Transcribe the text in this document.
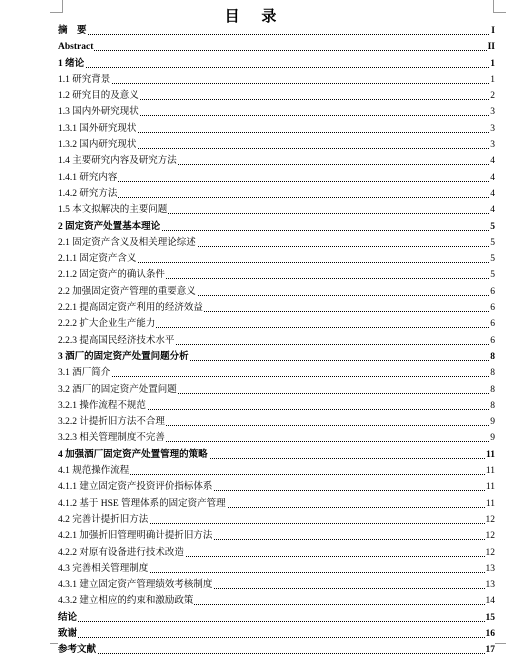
目 录
摘　要	I
Abstract	II
1 绪论	1
1.1 研究背景	1
1.2 研究目的及意义	2
1.3 国内外研究现状	3
1.3.1 国外研究现状	3
1.3.2 国内研究现状	3
1.4 主要研究内容及研究方法	4
1.4.1 研究内容	4
1.4.2 研究方法	4
1.5 本文拟解决的主要问题	4
2 固定资产处置基本理论	5
2.1 固定资产含义及相关理论综述	5
2.1.1 固定资产含义	5
2.1.2 固定资产的确认条件	5
2.2 加强固定资产管理的重要意义	6
2.2.1 提高固定资产利用的经济效益	6
2.2.2 扩大企业生产能力	6
2.2.3 提高国民经济技术水平	6
3 酒厂的固定资产处置问题分析	8
3.1 酒厂简介	8
3.2 酒厂的固定资产处置问题	8
3.2.1 操作流程不规范	8
3.2.2 计提折旧方法不合理	9
3.2.3 相关管理制度不完善	9
4 加强酒厂固定资产处置管理的策略	11
4.1 规范操作流程	11
4.1.1 建立固定资产投资评价指标体系	11
4.1.2 基于 HSE 管理体系的固定资产管理	11
4.2 完善计提折旧方法	12
4.2.1 加强折旧管理明确计提折旧方法	12
4.2.2 对原有设备进行技术改造	12
4.3 完善相关管理制度	13
4.3.1 建立固定资产管理绩效考核制度	13
4.3.2 建立相应的约束和激励政策	14
结论	15
致谢	16
参考文献	17
